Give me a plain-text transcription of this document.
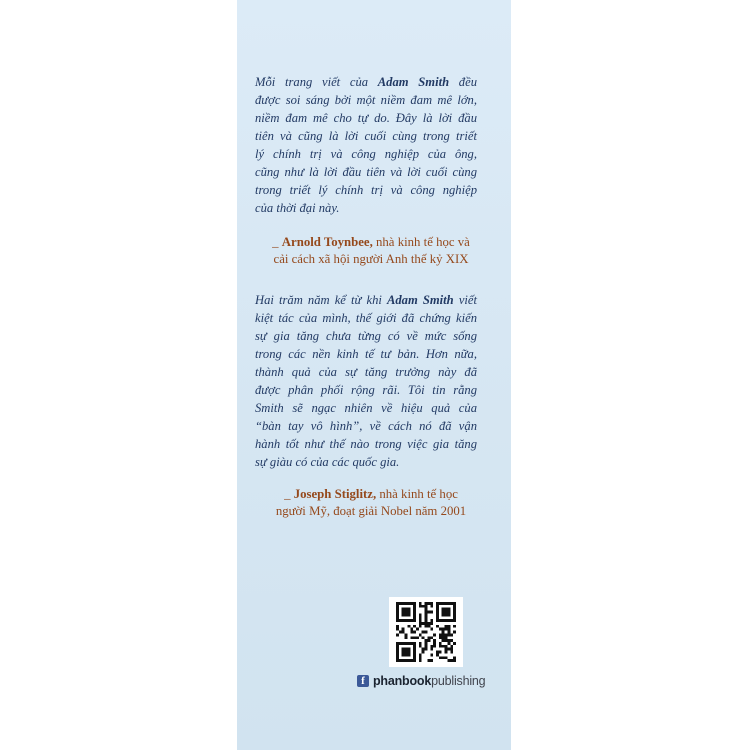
Mỗi trang viết của Adam Smith đều
được soi sáng bởi một niềm đam mê lớn,
niềm đam mê cho tự do. Đây là lời đầu
tiên và cũng là lời cuối cùng trong triết
lý chính trị và công nghiệp của ông,
cũng như là lời đầu tiên và lời cuối cùng
trong triết lý chính trị và công nghiệp
của thời đại này.
_ Arnold Toynbee, nhà kinh tế học và
cải cách xã hội người Anh thế kỷ XIX
Hai trăm năm kể từ khi Adam Smith viết
kiệt tác của mình, thế giới đã chứng kiến
sự gia tăng chưa từng có về mức sống
trong các nền kinh tế tư bản. Hơn nữa,
thành quả của sự tăng trưởng này đã
được phân phối rộng rãi. Tôi tin rằng
Smith sẽ ngạc nhiên về hiệu quả của
“bàn tay vô hình”, về cách nó đã vận
hành tốt như thế nào trong việc gia tăng
sự giàu có của các quốc gia.
_ Joseph Stiglitz, nhà kinh tế học
người Mỹ, đoạt giải Nobel năm 2001
f phanbook publishing
